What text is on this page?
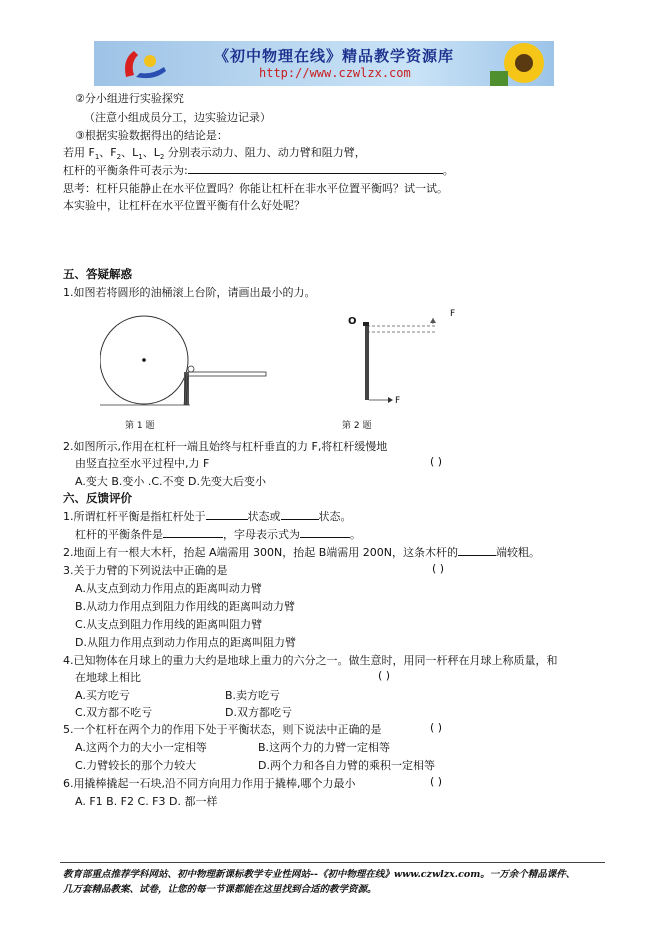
《初中物理在线》精品教学资源库
http://www.czwlzx.com
②分小组进行实验探究
（注意小组成员分工，边实验边记录）
③根据实验数据得出的结论是：
若用 $F_1$、$F_2$、$L_1$、$L_2$ 分别表示动力、阻力、动力臂和阻力臂，
杠杆的平衡条件可表示为:	。
思考：杠杆只能静止在水平位置吗？你能让杠杆在非水平位置平衡吗？试一试。
本实验中，让杠杆在水平位置平衡有什么好处呢？
五、答疑解惑
1.如图若将圆形的油桶滚上台阶，请画出最小的力。
第 1 题
O
F
F
第 2 题
2.如图所示,作用在杠杆一端且始终与杠杆垂直的力 F,将杠杆缓慢地
由竖直拉至水平过程中,力 F	( )
A.变大 B.变小 .C.不变 D.先变大后变小
六、反馈评价
1.所谓杠杆平衡是指杠杆处于	状态或	状态。
杠杆的平衡条件是	，字母表示式为	。
2.地面上有一根大木杆，抬起 A端需用 300N，抬起 B端需用 200N，这条木杆的	端较粗。
3.关于力臂的下列说法中正确的是	( )
A.从支点到动力作用点的距离叫动力臂
B.从动力作用点到阻力作用线的距离叫动力臂
C.从支点到阻力作用线的距离叫阻力臂
D.从阻力作用点到动力作用点的距离叫阻力臂
4.已知物体在月球上的重力大约是地球上重力的六分之一。做生意时，用同一杆秤在月球上称质量，和
在地球上相比	( )
A.买方吃亏	B.卖方吃亏
C.双方都不吃亏	D.双方都吃亏
5.一个杠杆在两个力的作用下处于平衡状态，则下说法中正确的是	( )
A.这两个力的大小一定相等	B.这两个力的力臂一定相等
C.力臂较长的那个力较大	D.两个力和各自力臂的乘积一定相等
6.用撬棒撬起一石块,沿不同方向用力作用于撬棒,哪个力最小	( )
A. F1 B. F2 C. F3 D. 都一样
教育部重点推荐学科网站、初中物理新课标教学专业性网站--《初中物理在线》www.czwlzx.com。一万余个精品课件、
几万套精品教案、试卷，让您的每一节课都能在这里找到合适的教学资源。
